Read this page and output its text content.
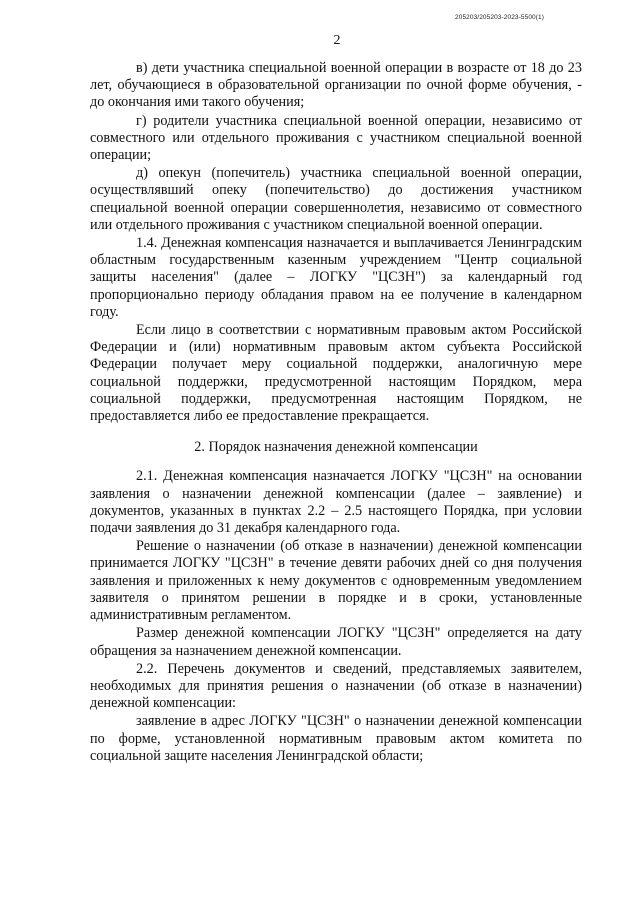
205203/205203-2023-5500(1)
2

в) дети участника специальной военной операции в возрасте от 18 до 23 лет, обучающиеся в образовательной организации по очной форме обучения, - до окончания ими такого обучения;

г) родители участника специальной военной операции, независимо от совместного или отдельного проживания с участником специальной военной операции;

д) опекун (попечитель) участника специальной военной операции, осуществлявший опеку (попечительство) до достижения участником специальной военной операции совершеннолетия, независимо от совместного или отдельного проживания с участником специальной военной операции.

1.4. Денежная компенсация назначается и выплачивается Ленинградским областным государственным казенным учреждением "Центр социальной защиты населения" (далее – ЛОГКУ "ЦСЗН") за календарный год пропорционально периоду обладания правом на ее получение в календарном году.

Если лицо в соответствии с нормативным правовым актом Российской Федерации и (или) нормативным правовым актом субъекта Российской Федерации получает меру социальной поддержки, аналогичную мере социальной поддержки, предусмотренной настоящим Порядком, мера социальной поддержки, предусмотренная настоящим Порядком, не предоставляется либо ее предоставление прекращается.

2. Порядок назначения денежной компенсации

2.1. Денежная компенсация назначается ЛОГКУ "ЦСЗН" на основании заявления о назначении денежной компенсации (далее – заявление) и документов, указанных в пунктах 2.2 – 2.5 настоящего Порядка, при условии подачи заявления до 31 декабря календарного года.

Решение о назначении (об отказе в назначении) денежной компенсации принимается ЛОГКУ "ЦСЗН" в течение девяти рабочих дней со дня получения заявления и приложенных к нему документов с одновременным уведомлением заявителя о принятом решении в порядке и в сроки, установленные административным регламентом.

Размер денежной компенсации ЛОГКУ "ЦСЗН" определяется на дату обращения за назначением денежной компенсации.

2.2. Перечень документов и сведений, представляемых заявителем, необходимых для принятия решения о назначении (об отказе в назначении) денежной компенсации:

заявление в адрес ЛОГКУ "ЦСЗН" о назначении денежной компенсации по форме, установленной нормативным правовым актом комитета по социальной защите населения Ленинградской области;
